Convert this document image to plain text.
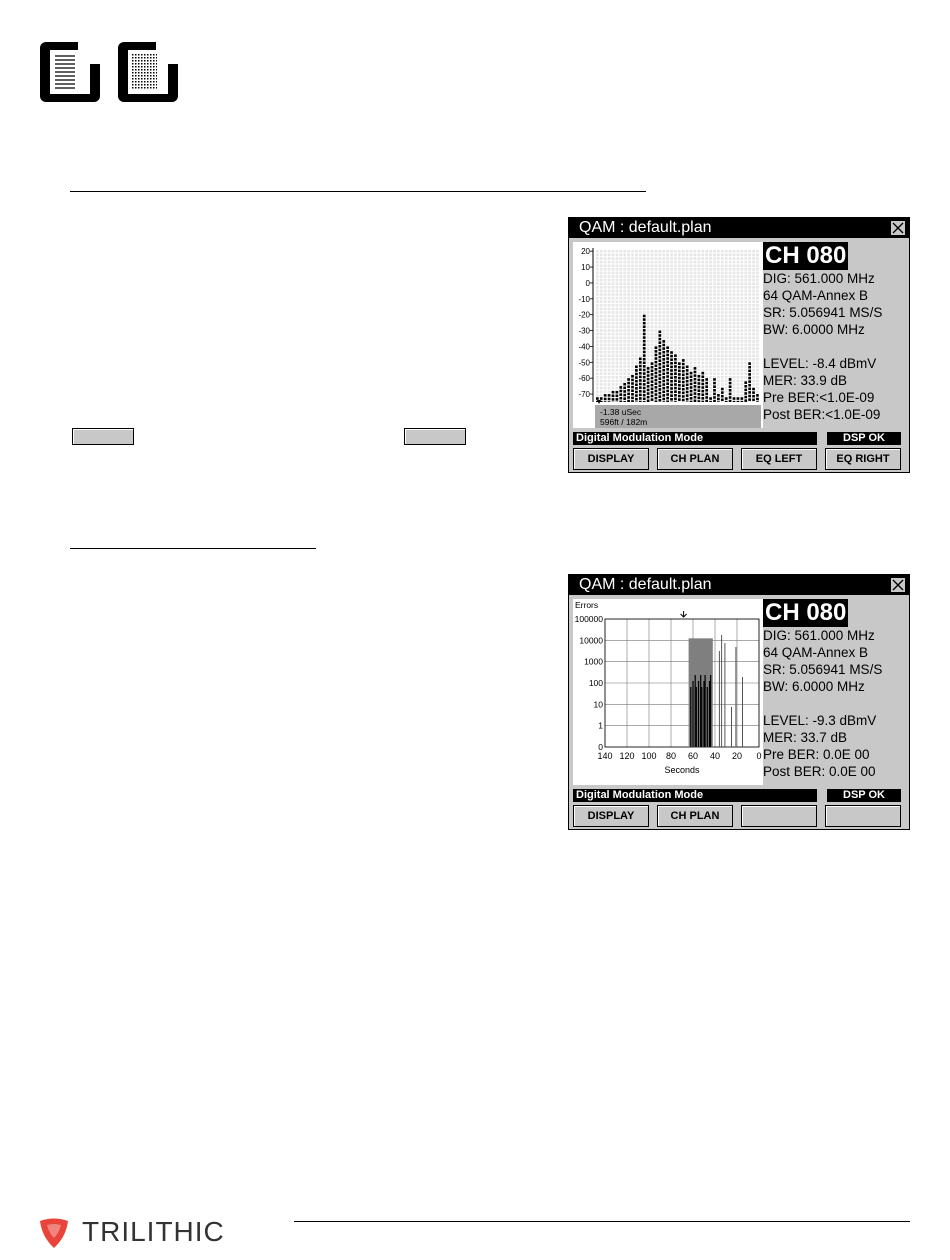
QAM : default.plan
20
10
0
-10
-20
-30
-40
-50
-60
-70
-1.38 uSec
596ft / 182m
CH 080
DIG: 561.000 MHz
64 QAM-Annex B
SR: 5.056941 MS/S
BW: 6.0000 MHz
LEVEL: -8.4 dBmV
MER: 33.9 dB
Pre BER:<1.0E-09
Post BER:<1.0E-09
Digital Modulation Mode	DSP OK
DISPLAY	CH PLAN	EQ LEFT	EQ RIGHT
QAM : default.plan
Errors
100000
10000
1000
100
10
1
0
140 120 100 80 60 40 20 0
Seconds
CH 080
DIG: 561.000 MHz
64 QAM-Annex B
SR: 5.056941 MS/S
BW: 6.0000 MHz
LEVEL: -9.3 dBmV
MER: 33.7 dB
Pre BER: 0.0E 00
Post BER: 0.0E 00
Digital Modulation Mode	DSP OK
DISPLAY	CH PLAN
TRILITHIC
